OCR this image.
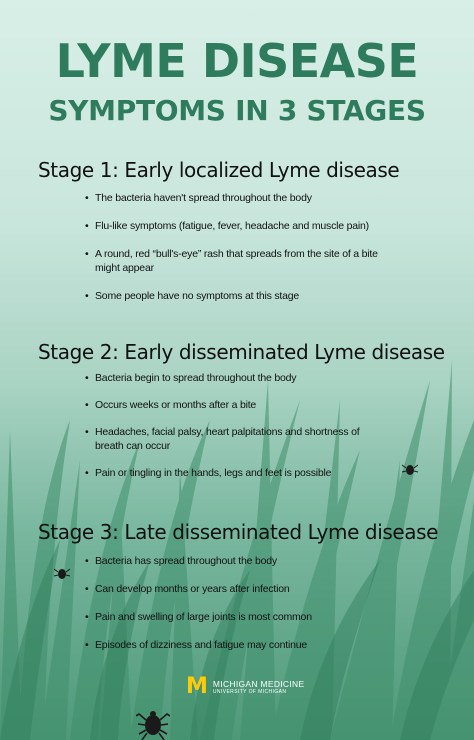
LYME DISEASE
SYMPTOMS IN 3 STAGES
Stage 1: Early localized Lyme disease
• The bacteria haven't spread throughout the body
• Flu-like symptoms (fatigue, fever, headache and muscle pain)
• A round, red “bull's-eye” rash that spreads from the site of a bite might appear
• Some people have no symptoms at this stage
Stage 2: Early disseminated Lyme disease
• Bacteria begin to spread throughout the body
• Occurs weeks or months after a bite
• Headaches, facial palsy, heart palpitations and shortness of breath can occur
• Pain or tingling in the hands, legs and feet is possible
Stage 3: Late disseminated Lyme disease
• Bacteria has spread throughout the body
• Can develop months or years after infection
• Pain and swelling of large joints is most common
• Episodes of dizziness and fatigue may continue
M MICHIGAN MEDICINE
UNIVERSITY OF MICHIGAN
